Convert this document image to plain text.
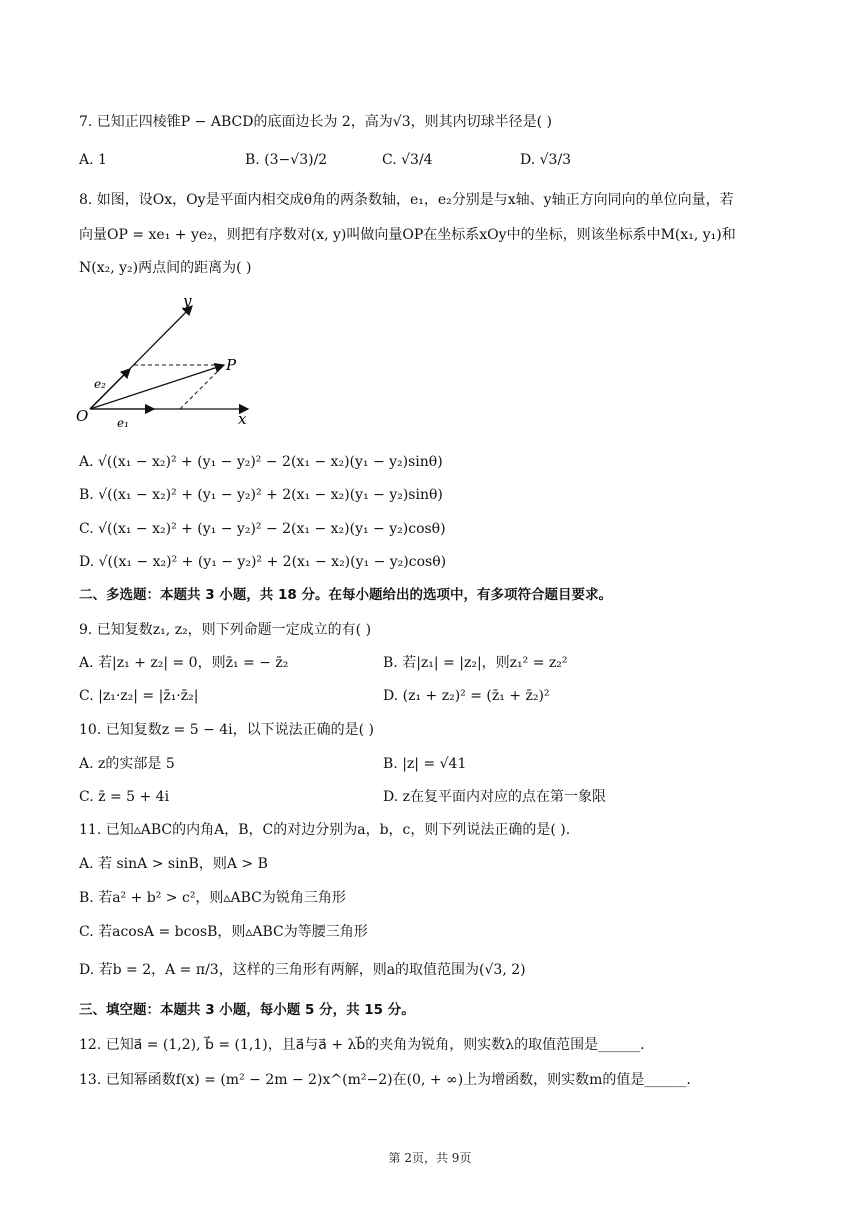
7. 已知正四棱锥P − ABCD的底面边长为 2，高为√3，则其内切球半径是( )
A. 1	B. (3−√3)/2	C. √3/4	D. √3/3
8. 如图，设Ox，Oy是平面内相交成θ角的两条数轴，e₁，e₂分别是与x轴、y轴正方向同向的单位向量，若
向量OP = xe₁ + ye₂，则把有序数对(x, y)叫做向量OP在坐标系xOy中的坐标，则该坐标系中M(x₁, y₁)和
N(x₂, y₂)两点间的距离为( )
y
P
O	x
e₁
e₂
A. √((x₁ − x₂)² + (y₁ − y₂)² − 2(x₁ − x₂)(y₁ − y₂)sinθ)
B. √((x₁ − x₂)² + (y₁ − y₂)² + 2(x₁ − x₂)(y₁ − y₂)sinθ)
C. √((x₁ − x₂)² + (y₁ − y₂)² − 2(x₁ − x₂)(y₁ − y₂)cosθ)
D. √((x₁ − x₂)² + (y₁ − y₂)² + 2(x₁ − x₂)(y₁ − y₂)cosθ)
二、多选题：本题共 3 小题，共 18 分。在每小题给出的选项中，有多项符合题目要求。
9. 已知复数z₁, z₂，则下列命题一定成立的有( )
A. 若|z₁ + z₂| = 0，则z̄₁ = − z̄₂	B. 若|z₁| = |z₂|，则z₁² = z₂²
C. |z₁·z₂| = |z̄₁·z̄₂|	D. (z₁ + z₂)² = (z̄₁ + z̄₂)²
10. 已知复数z = 5 − 4i，以下说法正确的是( )
A. z的实部是 5	B. |z| = √41
C. z̄ = 5 + 4i	D. z在复平面内对应的点在第一象限
11. 已知▵ABC的内角A，B，C的对边分别为a，b，c，则下列说法正确的是( ).
A. 若 sinA > sinB，则A > B
B. 若a² + b² > c²，则▵ABC为锐角三角形
C. 若acosA = bcosB，则▵ABC为等腰三角形
D. 若b = 2，A = π/3，这样的三角形有两解，则a的取值范围为(√3, 2)
三、填空题：本题共 3 小题，每小题 5 分，共 15 分。
12. 已知a⃗ = (1,2), b⃗ = (1,1)，且a⃗与a⃗ + λb⃗的夹角为锐角，则实数λ的取值范围是______.
13. 已知幂函数f(x) = (m² − 2m − 2)x^(m²−2)在(0, + ∞)上为增函数，则实数m的值是______.
第 2页，共 9页
